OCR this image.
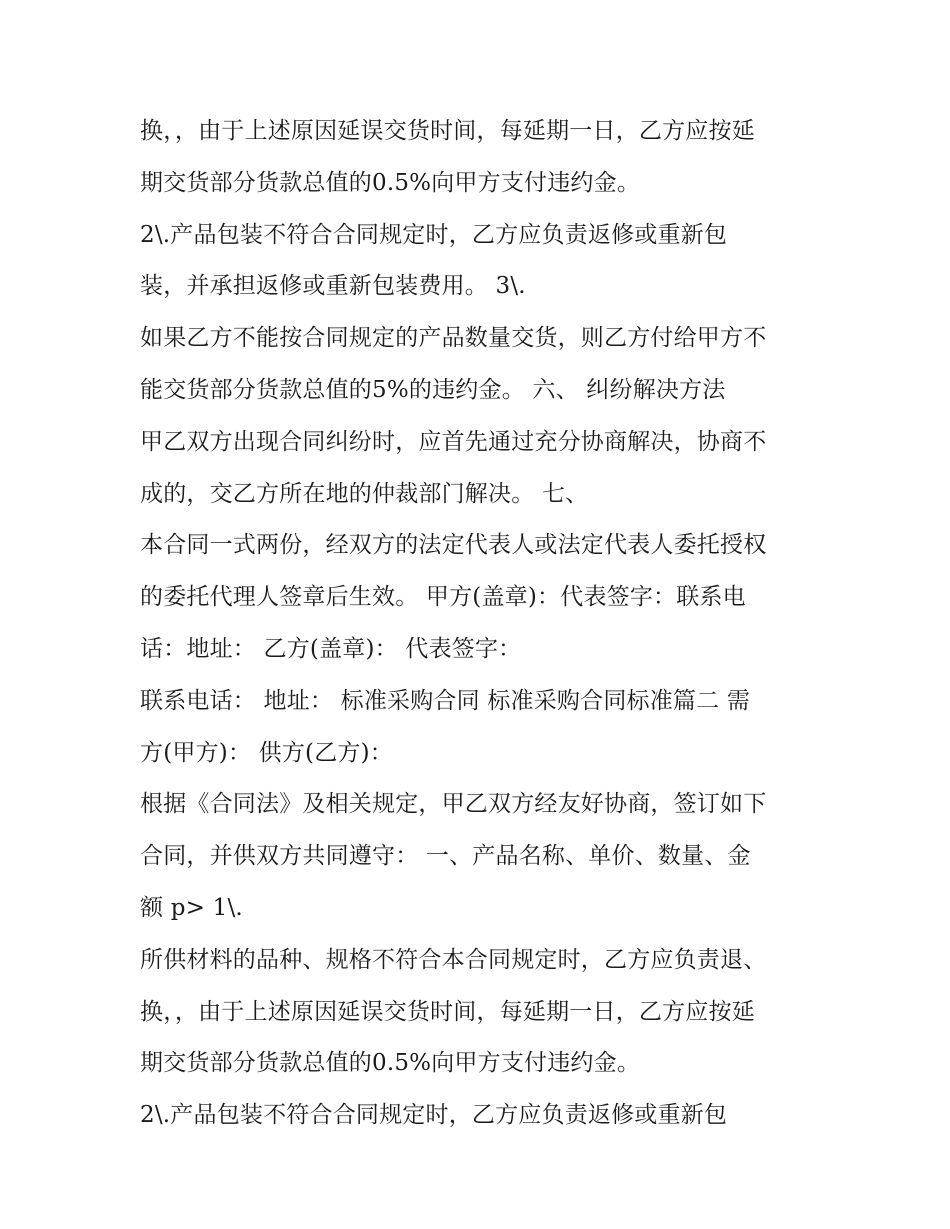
换，，由于上述原因延误交货时间，每延期一日，乙方应按延
期交货部分货款总值的0.5%向甲方支付违约金。
2\.产品包装不符合合同规定时，乙方应负责返修或重新包
装，并承担返修或重新包装费用。 3\.
如果乙方不能按合同规定的产品数量交货，则乙方付给甲方不
能交货部分货款总值的5%的违约金。 六、 纠纷解决方法
甲乙双方出现合同纠纷时，应首先通过充分协商解决，协商不
成的，交乙方所在地的仲裁部门解决。 七、
本合同一式两份，经双方的法定代表人或法定代表人委托授权
的委托代理人签章后生效。 甲方(盖章)：代表签字：联系电
话：地址： 乙方(盖章)： 代表签字：
联系电话： 地址： 标准采购合同 标准采购合同标准篇二 需
方(甲方)： 供方(乙方)：
根据《合同法》及相关规定，甲乙双方经友好协商，签订如下
合同，并供双方共同遵守： 一、产品名称、单价、数量、金
额 p> 1\.
所供材料的品种、规格不符合本合同规定时，乙方应负责退、
换，，由于上述原因延误交货时间，每延期一日，乙方应按延
期交货部分货款总值的0.5%向甲方支付违约金。
2\.产品包装不符合合同规定时，乙方应负责返修或重新包
